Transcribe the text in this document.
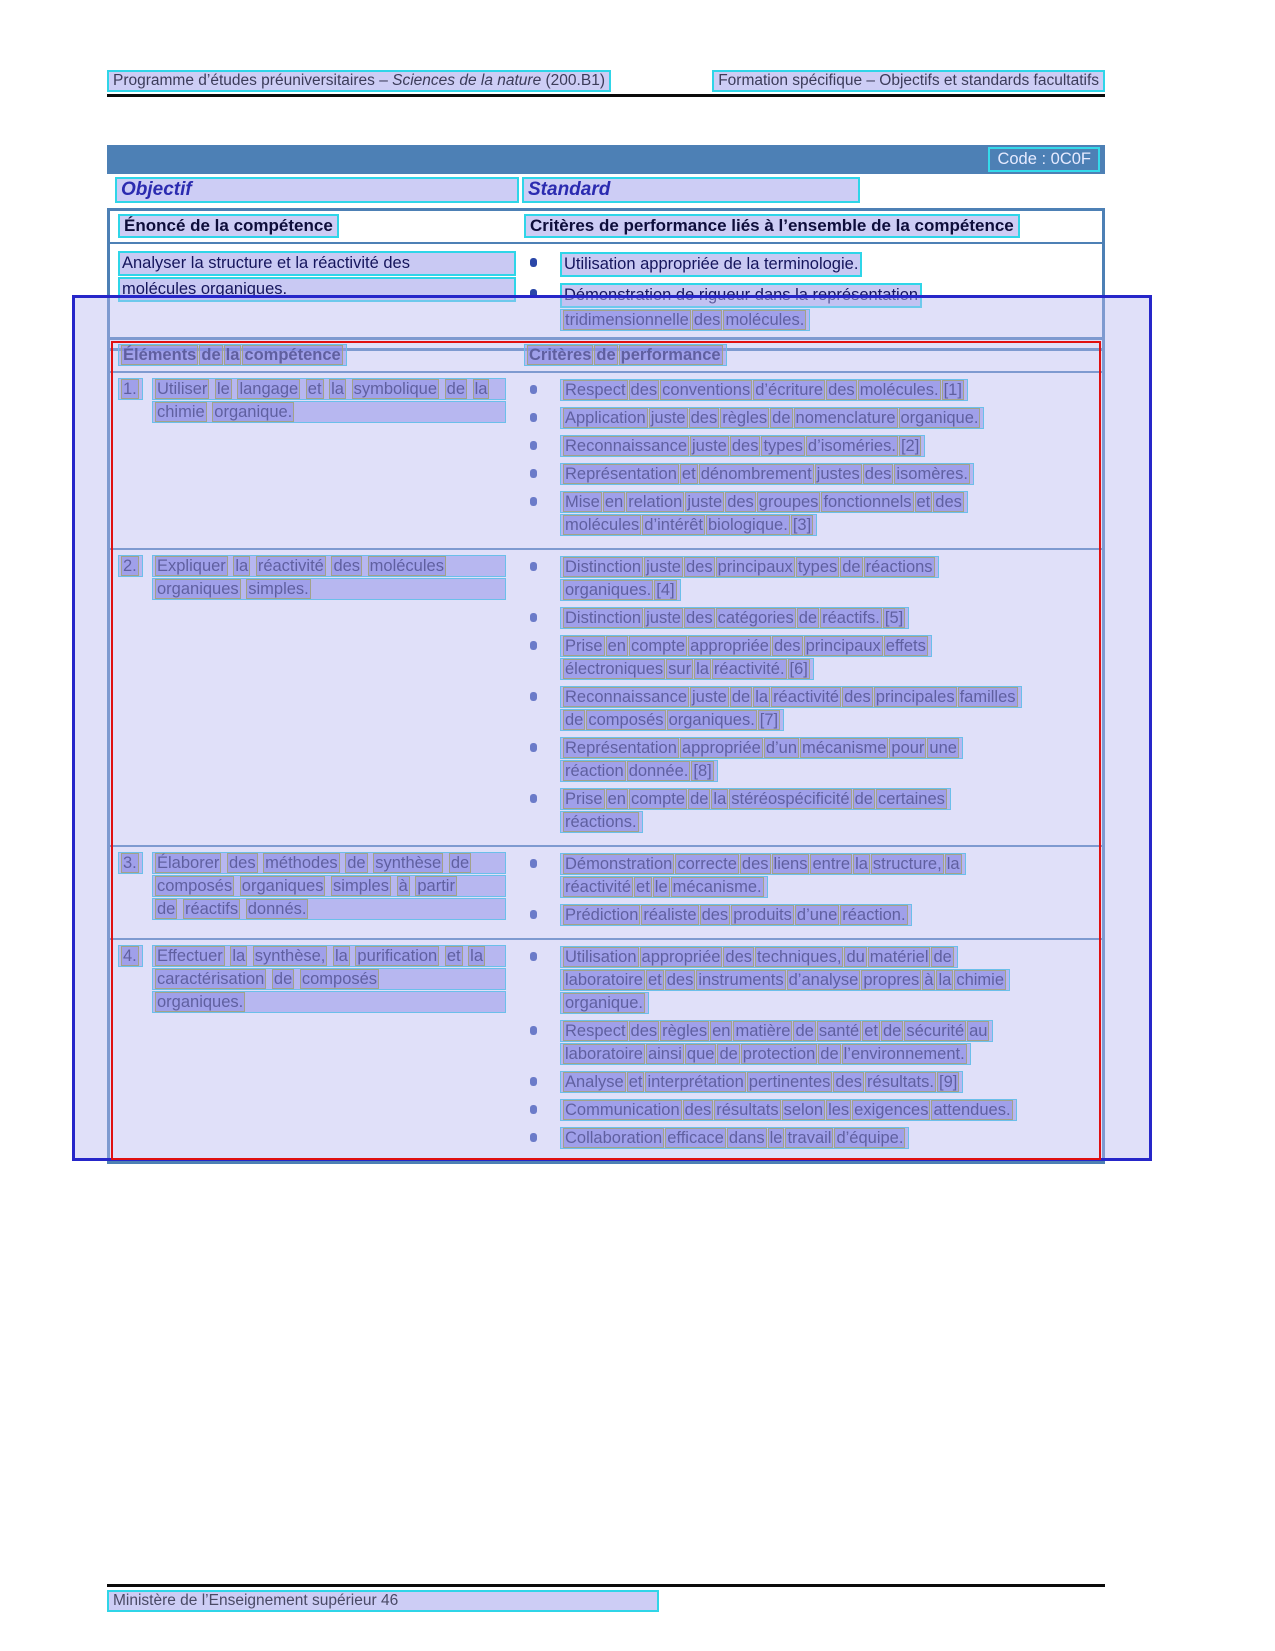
Programme d’études préuniversitaires – Sciences de la nature (200.B1)	Formation spécifique – Objectifs et standards facultatifs
Code : 0C0F
Objectif	Standard
Énoncé de la compétence	Critères de performance liés à l’ensemble de la compétence
Analyser la structure et la réactivité des
molécules organiques.
Utilisation appropriée de la terminologie.
Démonstration de rigueur dans la représentation
tridimensionnelle des molécules.
Éléments de la compétence	Critères de performance
1.	Utiliser le langage et la symbolique de la
chimie organique.
Respect des conventions d’écriture des molécules. [1]
Application juste des règles de nomenclature organique.
Reconnaissance juste des types d’isoméries. [2]
Représentation et dénombrement justes des isomères.
Mise en relation juste des groupes fonctionnels et des
molécules d’intérêt biologique. [3]
2.	Expliquer la réactivité des molécules
organiques simples.
Distinction juste des principaux types de réactions
organiques. [4]
Distinction juste des catégories de réactifs. [5]
Prise en compte appropriée des principaux effets
électroniques sur la réactivité. [6]
Reconnaissance juste de la réactivité des principales familles
de composés organiques. [7]
Représentation appropriée d’un mécanisme pour une
réaction donnée. [8]
Prise en compte de la stéréospécificité de certaines
réactions.
3.	Élaborer des méthodes de synthèse de
composés organiques simples à partir
de réactifs donnés.
Démonstration correcte des liens entre la structure, la
réactivité et le mécanisme.
Prédiction réaliste des produits d’une réaction.
4.	Effectuer la synthèse, la purification et la
caractérisation de composés
organiques.
Utilisation appropriée des techniques, du matériel de
laboratoire et des instruments d’analyse propres à la chimie
organique.
Respect des règles en matière de santé et de sécurité au
laboratoire ainsi que de protection de l’environnement.
Analyse et interprétation pertinentes des résultats. [9]
Communication des résultats selon les exigences attendues.
Collaboration efficace dans le travail d’équipe.
Ministère de l’Enseignement supérieur 46
